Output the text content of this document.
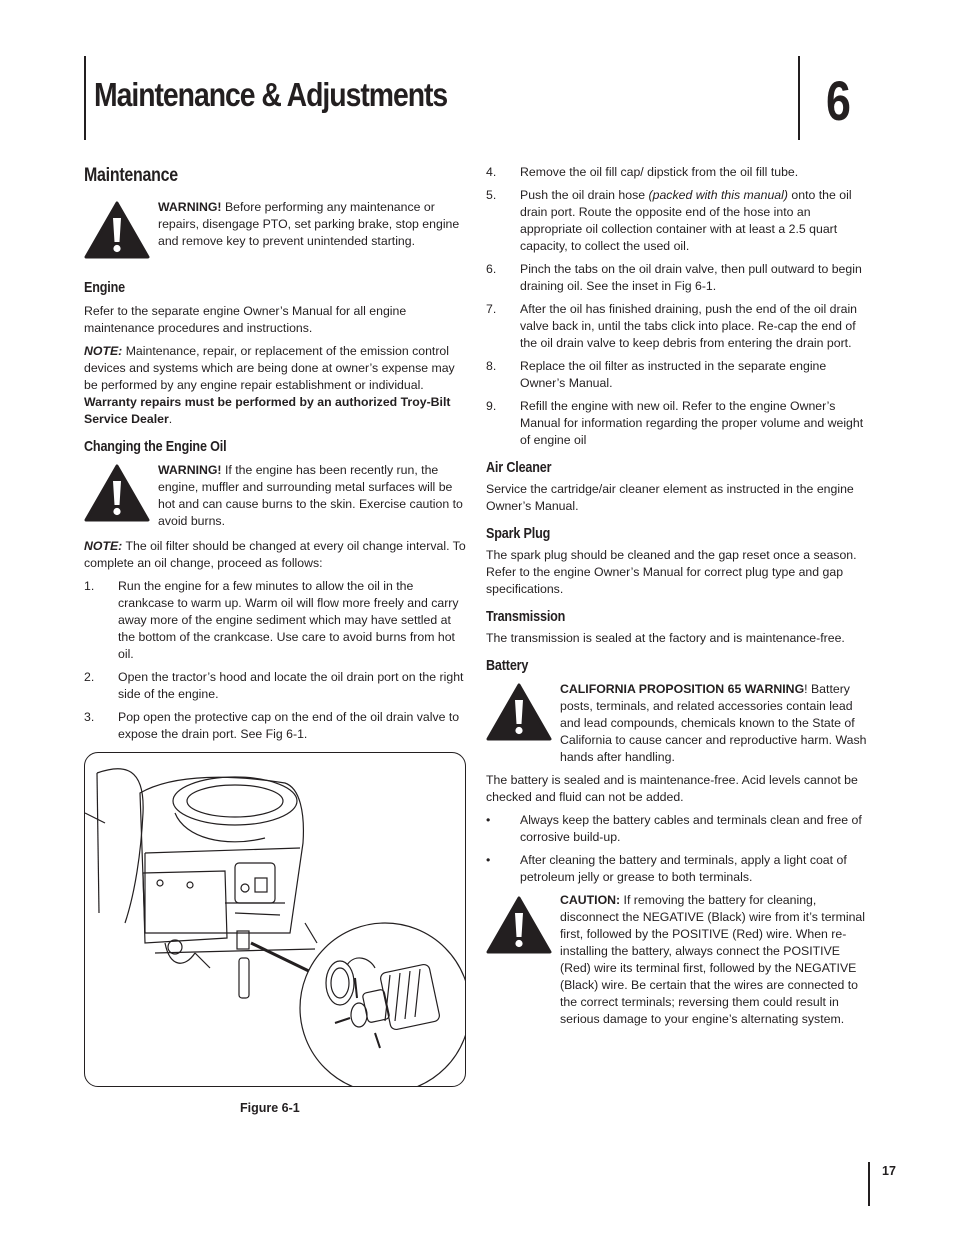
Maintenance & Adjustments	6
Maintenance
WARNING! Before performing any maintenance or repairs, disengage PTO, set parking brake, stop engine and remove key to prevent unintended starting.
Engine

Refer to the separate engine Owner’s Manual for all engine maintenance procedures and instructions.

NOTE: Maintenance, repair, or replacement of the emission control devices and systems which are being done at owner’s expense may be performed by any engine repair establishment or individual. Warranty repairs must be performed by an authorized Troy-Bilt Service Dealer.

Changing the Engine Oil
WARNING! If the engine has been recently run, the engine, muffler and surrounding metal surfaces will be hot and can cause burns to the skin. Exercise caution to avoid burns.

NOTE: The oil filter should be changed at every oil change interval. To complete an oil change, proceed as follows:

1. Run the engine for a few minutes to allow the oil in the crankcase to warm up. Warm oil will flow more freely and carry away more of the engine sediment which may have settled at the bottom of the crankcase. Use care to avoid burns from hot oil.
2. Open the tractor’s hood and locate the oil drain port on the right side of the engine.
3. Pop open the protective cap on the end of the oil drain valve to expose the drain port. See Fig 6-1.
Figure 6-1
4. Remove the oil fill cap/ dipstick from the oil fill tube.
5. Push the oil drain hose (packed with this manual) onto the oil drain port. Route the opposite end of the hose into an appropriate oil collection container with at least a 2.5 quart capacity, to collect the used oil.
6. Pinch the tabs on the oil drain valve, then pull outward to begin draining oil. See the inset in Fig 6-1.
7. After the oil has finished draining, push the end of the oil drain valve back in, until the tabs click into place. Re-cap the end of the oil drain valve to keep debris from entering the drain port.
8. Replace the oil filter as instructed in the separate engine Owner’s Manual.
9. Refill the engine with new oil. Refer to the engine Owner’s Manual for information regarding the proper volume and weight of engine oil
Air Cleaner

Service the cartridge/air cleaner element as instructed in the engine Owner’s Manual.

Spark Plug

The spark plug should be cleaned and the gap reset once a season. Refer to the engine Owner’s Manual for correct plug type and gap specifications.

Transmission

The transmission is sealed at the factory and is maintenance-free.

Battery
CALIFORNIA PROPOSITION 65 WARNING! Battery posts, terminals, and related accessories contain lead and lead compounds, chemicals known to the State of California to cause cancer and reproductive harm. Wash hands after handling.

The battery is sealed and is maintenance-free. Acid levels cannot be checked and fluid can not be added.

• Always keep the battery cables and terminals clean and free of corrosive build-up.
• After cleaning the battery and terminals, apply a light coat of petroleum jelly or grease to both terminals.
CAUTION: If removing the battery for cleaning, disconnect the NEGATIVE (Black) wire from it’s terminal first, followed by the POSITIVE (Red) wire. When re-installing the battery, always connect the POSITIVE (Red) wire its terminal first, followed by the NEGATIVE (Black) wire. Be certain that the wires are connected to the correct terminals; reversing them could result in serious damage to your engine’s alternating system.
17
